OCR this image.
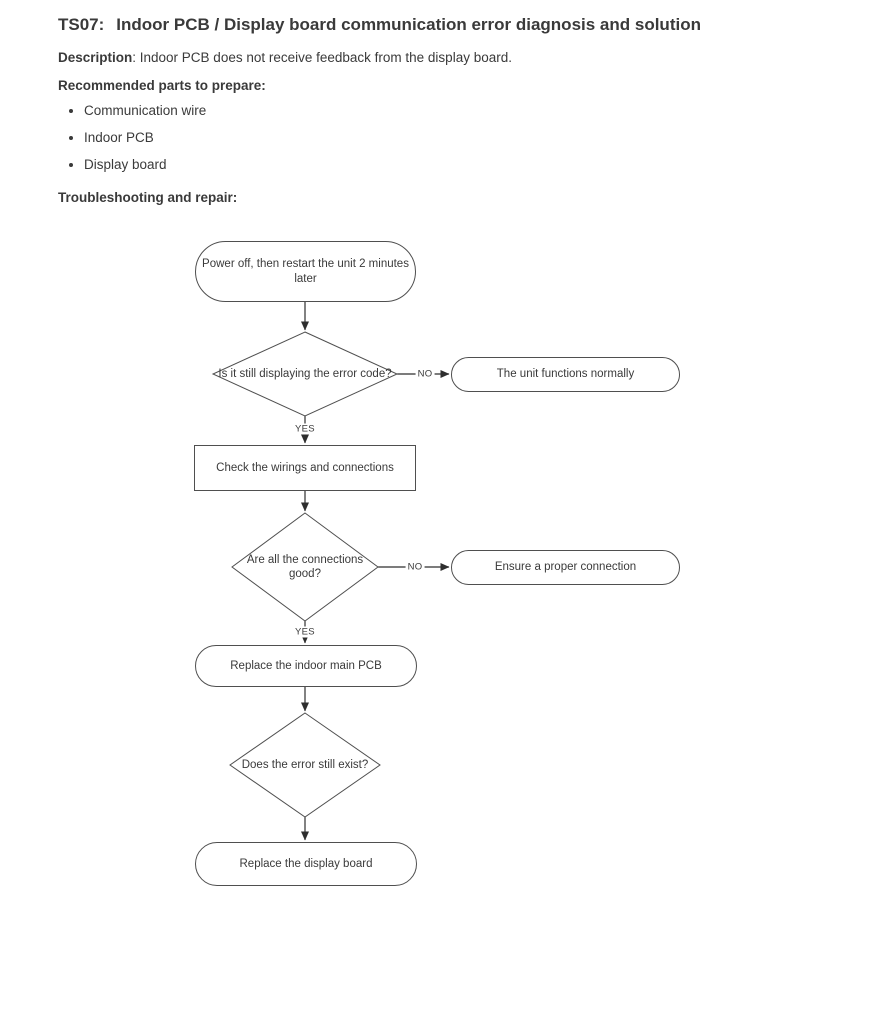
TS07: Indoor PCB / Display board communication error diagnosis and solution
Description: Indoor PCB does not receive feedback from the display board.
Recommended parts to prepare:
• Communication wire
• Indoor PCB
• Display board
Troubleshooting and repair:
Power off, then restart the unit 2 minutes later
The unit functions normally
Check the wirings and connections
Ensure a proper connection
Replace the indoor main PCB
Replace the display board
Is it still displaying the error code?
Are all the connections good?
Does the error still exist?
NO
YES
NO
YES
